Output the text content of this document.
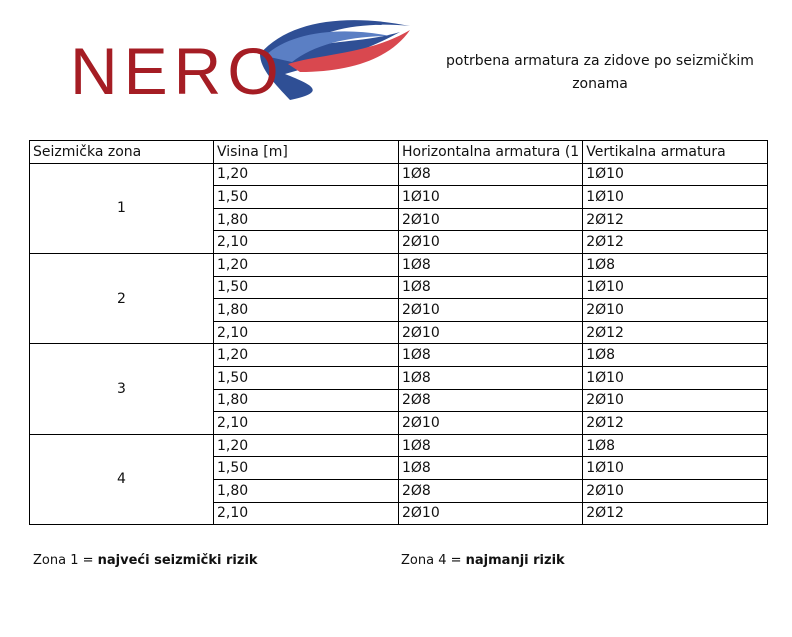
NERO	potrbena armatura za zidove po seizmičkim
zonama
Seizmička zona	Visina [m]	Horizontalna armatura (1	Vertikalna armatura
1	1,20	1Ø8	1Ø10
	1,50	1Ø10	1Ø10
	1,80	2Ø10	2Ø12
	2,10	2Ø10	2Ø12
2	1,20	1Ø8	1Ø8
	1,50	1Ø8	1Ø10
	1,80	2Ø10	2Ø10
	2,10	2Ø10	2Ø12
3	1,20	1Ø8	1Ø8
	1,50	1Ø8	1Ø10
	1,80	2Ø8	2Ø10
	2,10	2Ø10	2Ø12
4	1,20	1Ø8	1Ø8
	1,50	1Ø8	1Ø10
	1,80	2Ø8	2Ø10
	2,10	2Ø10	2Ø12
Zona 1 = najveći seizmički rizik	Zona 4 = najmanji rizik
